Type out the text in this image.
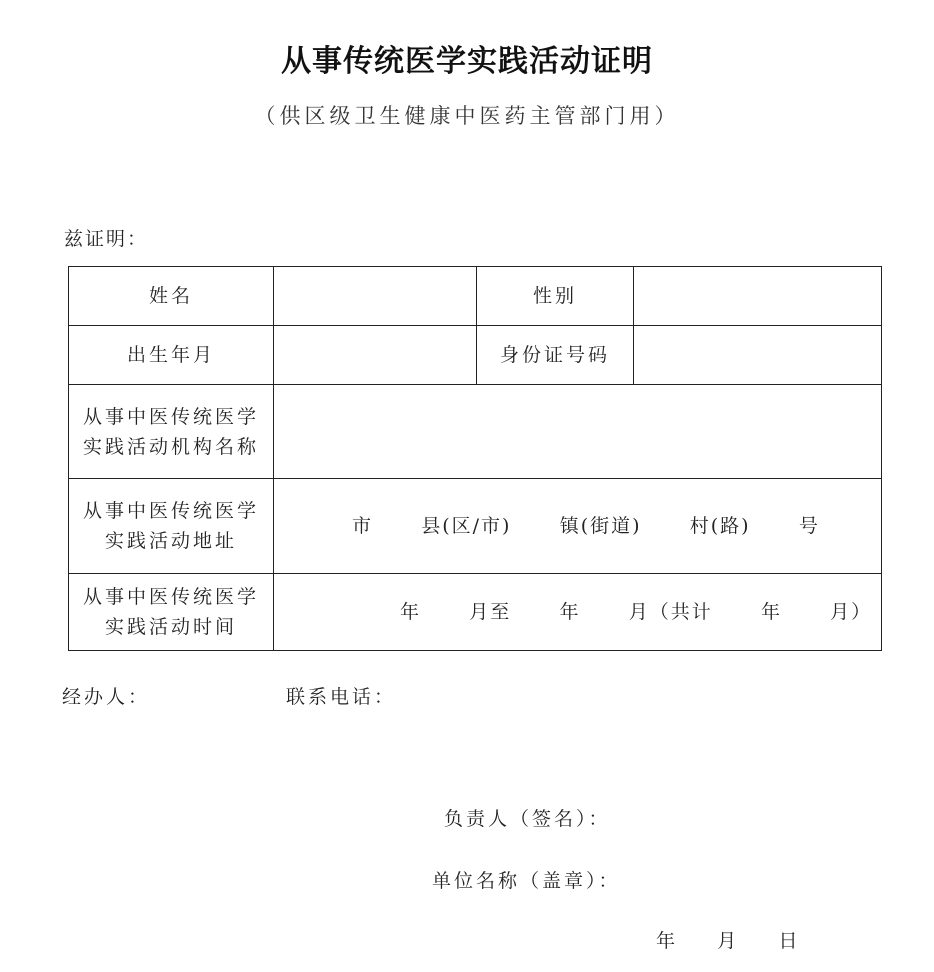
从事传统医学实践活动证明
（供区级卫生健康中医药主管部门用）
兹证明：
姓名		性别	
出生年月		身份证号码	

从事中医传统医学
实践活动机构名称			

从事中医传统医学
实践活动地址	市      县(区/市)      镇(街道)      村(路)      号		

从事中医传统医学
实践活动时间	年      月至      年      月（共计      年      月）		
经办人：	联系电话：
负责人（签名）：
单位名称（盖章）：
年       月       日
